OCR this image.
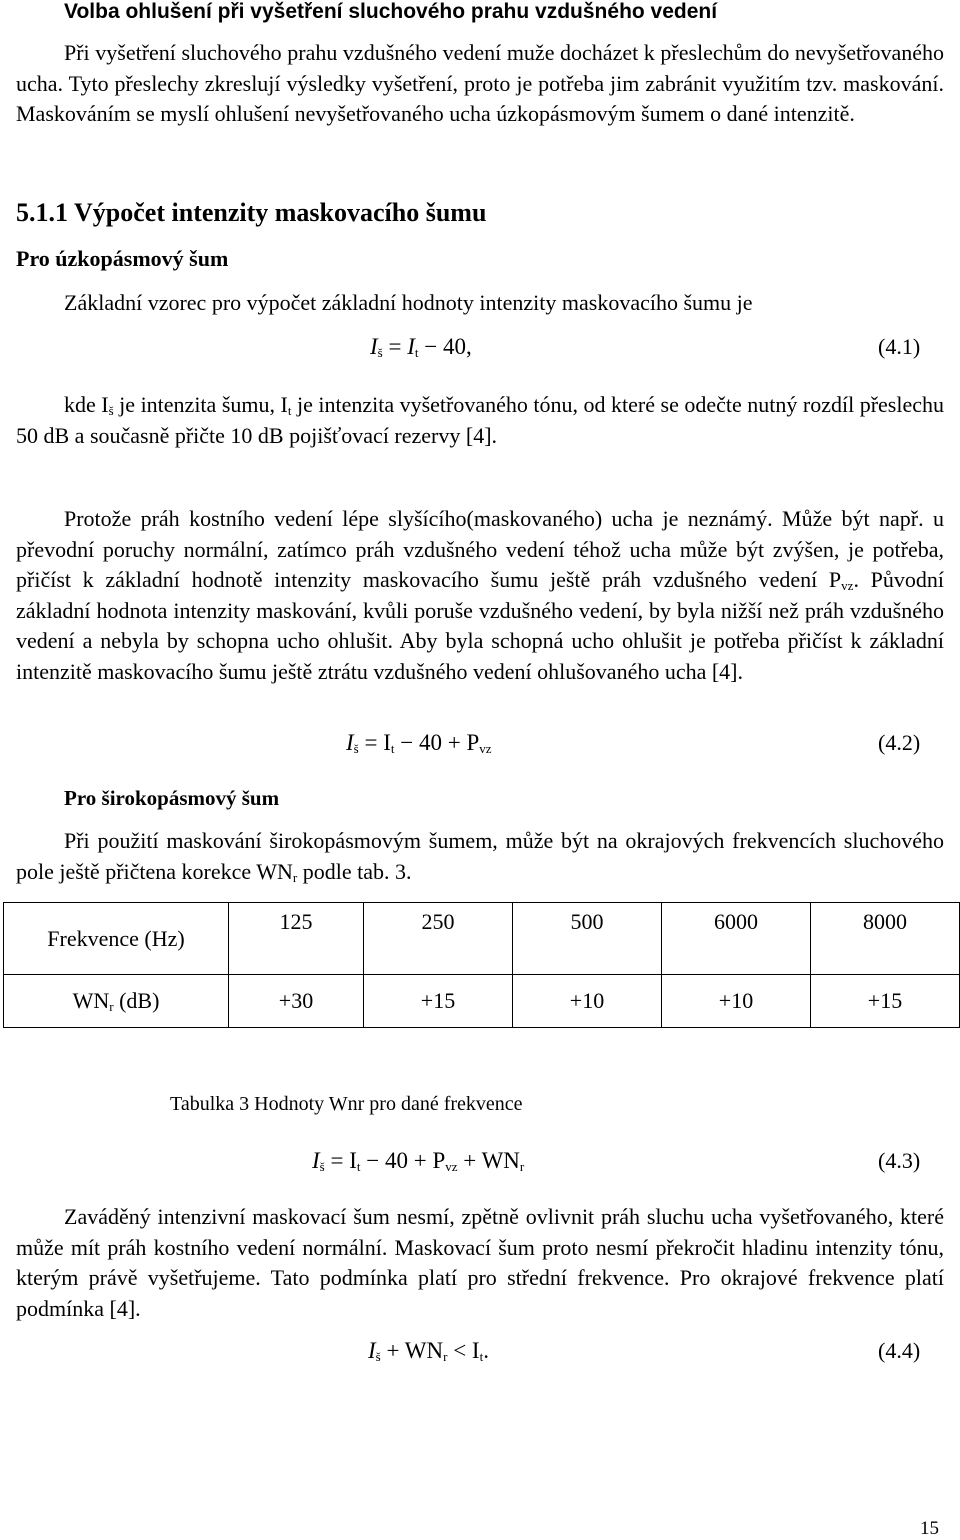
Volba ohlušení při vyšetření sluchového prahu vzdušného vedení
Při vyšetření sluchového prahu vzdušného vedení muže docházet k přeslechům do nevyšetřovaného ucha. Tyto přeslechy zkreslují výsledky vyšetření, proto je potřeba jim zabránit využitím tzv. maskování. Maskováním se myslí ohlušení nevyšetřovaného ucha úzkopásmovým šumem o dané intenzitě.
5.1.1 Výpočet intenzity maskovacího šumu
Pro úzkopásmový šum
Základní vzorec pro výpočet základní hodnoty intenzity maskovacího šumu je
$I_š = I_t - 40$,	(4.1)
kde $I_š$ je intenzita šumu, $I_t$ je intenzita vyšetřovaného tónu, od které se odečte nutný rozdíl přeslechu 50 dB a současně přičte 10 dB pojišťovací rezervy [4].
Protože práh kostního vedení lépe slyšícího(maskovaného) ucha je neznámý. Může být např. u převodní poruchy normální, zatímco práh vzdušného vedení téhož ucha může být zvýšen, je potřeba, přičíst k základní hodnotě intenzity maskovacího šumu ještě práh vzdušného vedení $P_{vz}$. Původní základní hodnota intenzity maskování, kvůli poruše vzdušného vedení, by byla nižší než práh vzdušného vedení a nebyla by schopna ucho ohlušit. Aby byla schopná ucho ohlušit je potřeba přičíst k základní intenzitě maskovacího šumu ještě ztrátu vzdušného vedení ohlušovaného ucha [4].
$I_š = I_t - 40 + P_{vz}$	(4.2)
Pro širokopásmový šum
Při použití maskování širokopásmovým šumem, může být na okrajových frekvencích sluchového pole ještě přičtena korekce $WN_r$ podle tab. 3.
Frekvence (Hz)	125	250	500	6000	8000
$WN_r$ (dB)	+30	+15	+10	+10	+15
Tabulka 3 Hodnoty Wnr pro dané frekvence
$I_š = I_t - 40 + P_{vz} + WN_r$	(4.3)
Zaváděný intenzivní maskovací šum nesmí, zpětně ovlivnit práh sluchu ucha vyšetřovaného, které může mít práh kostního vedení normální. Maskovací šum proto nesmí překročit hladinu intenzity tónu, kterým právě vyšetřujeme. Tato podmínka platí pro střední frekvence. Pro okrajové frekvence platí podmínka [4].
$I_š + WN_r < I_t$.	(4.4)
15
